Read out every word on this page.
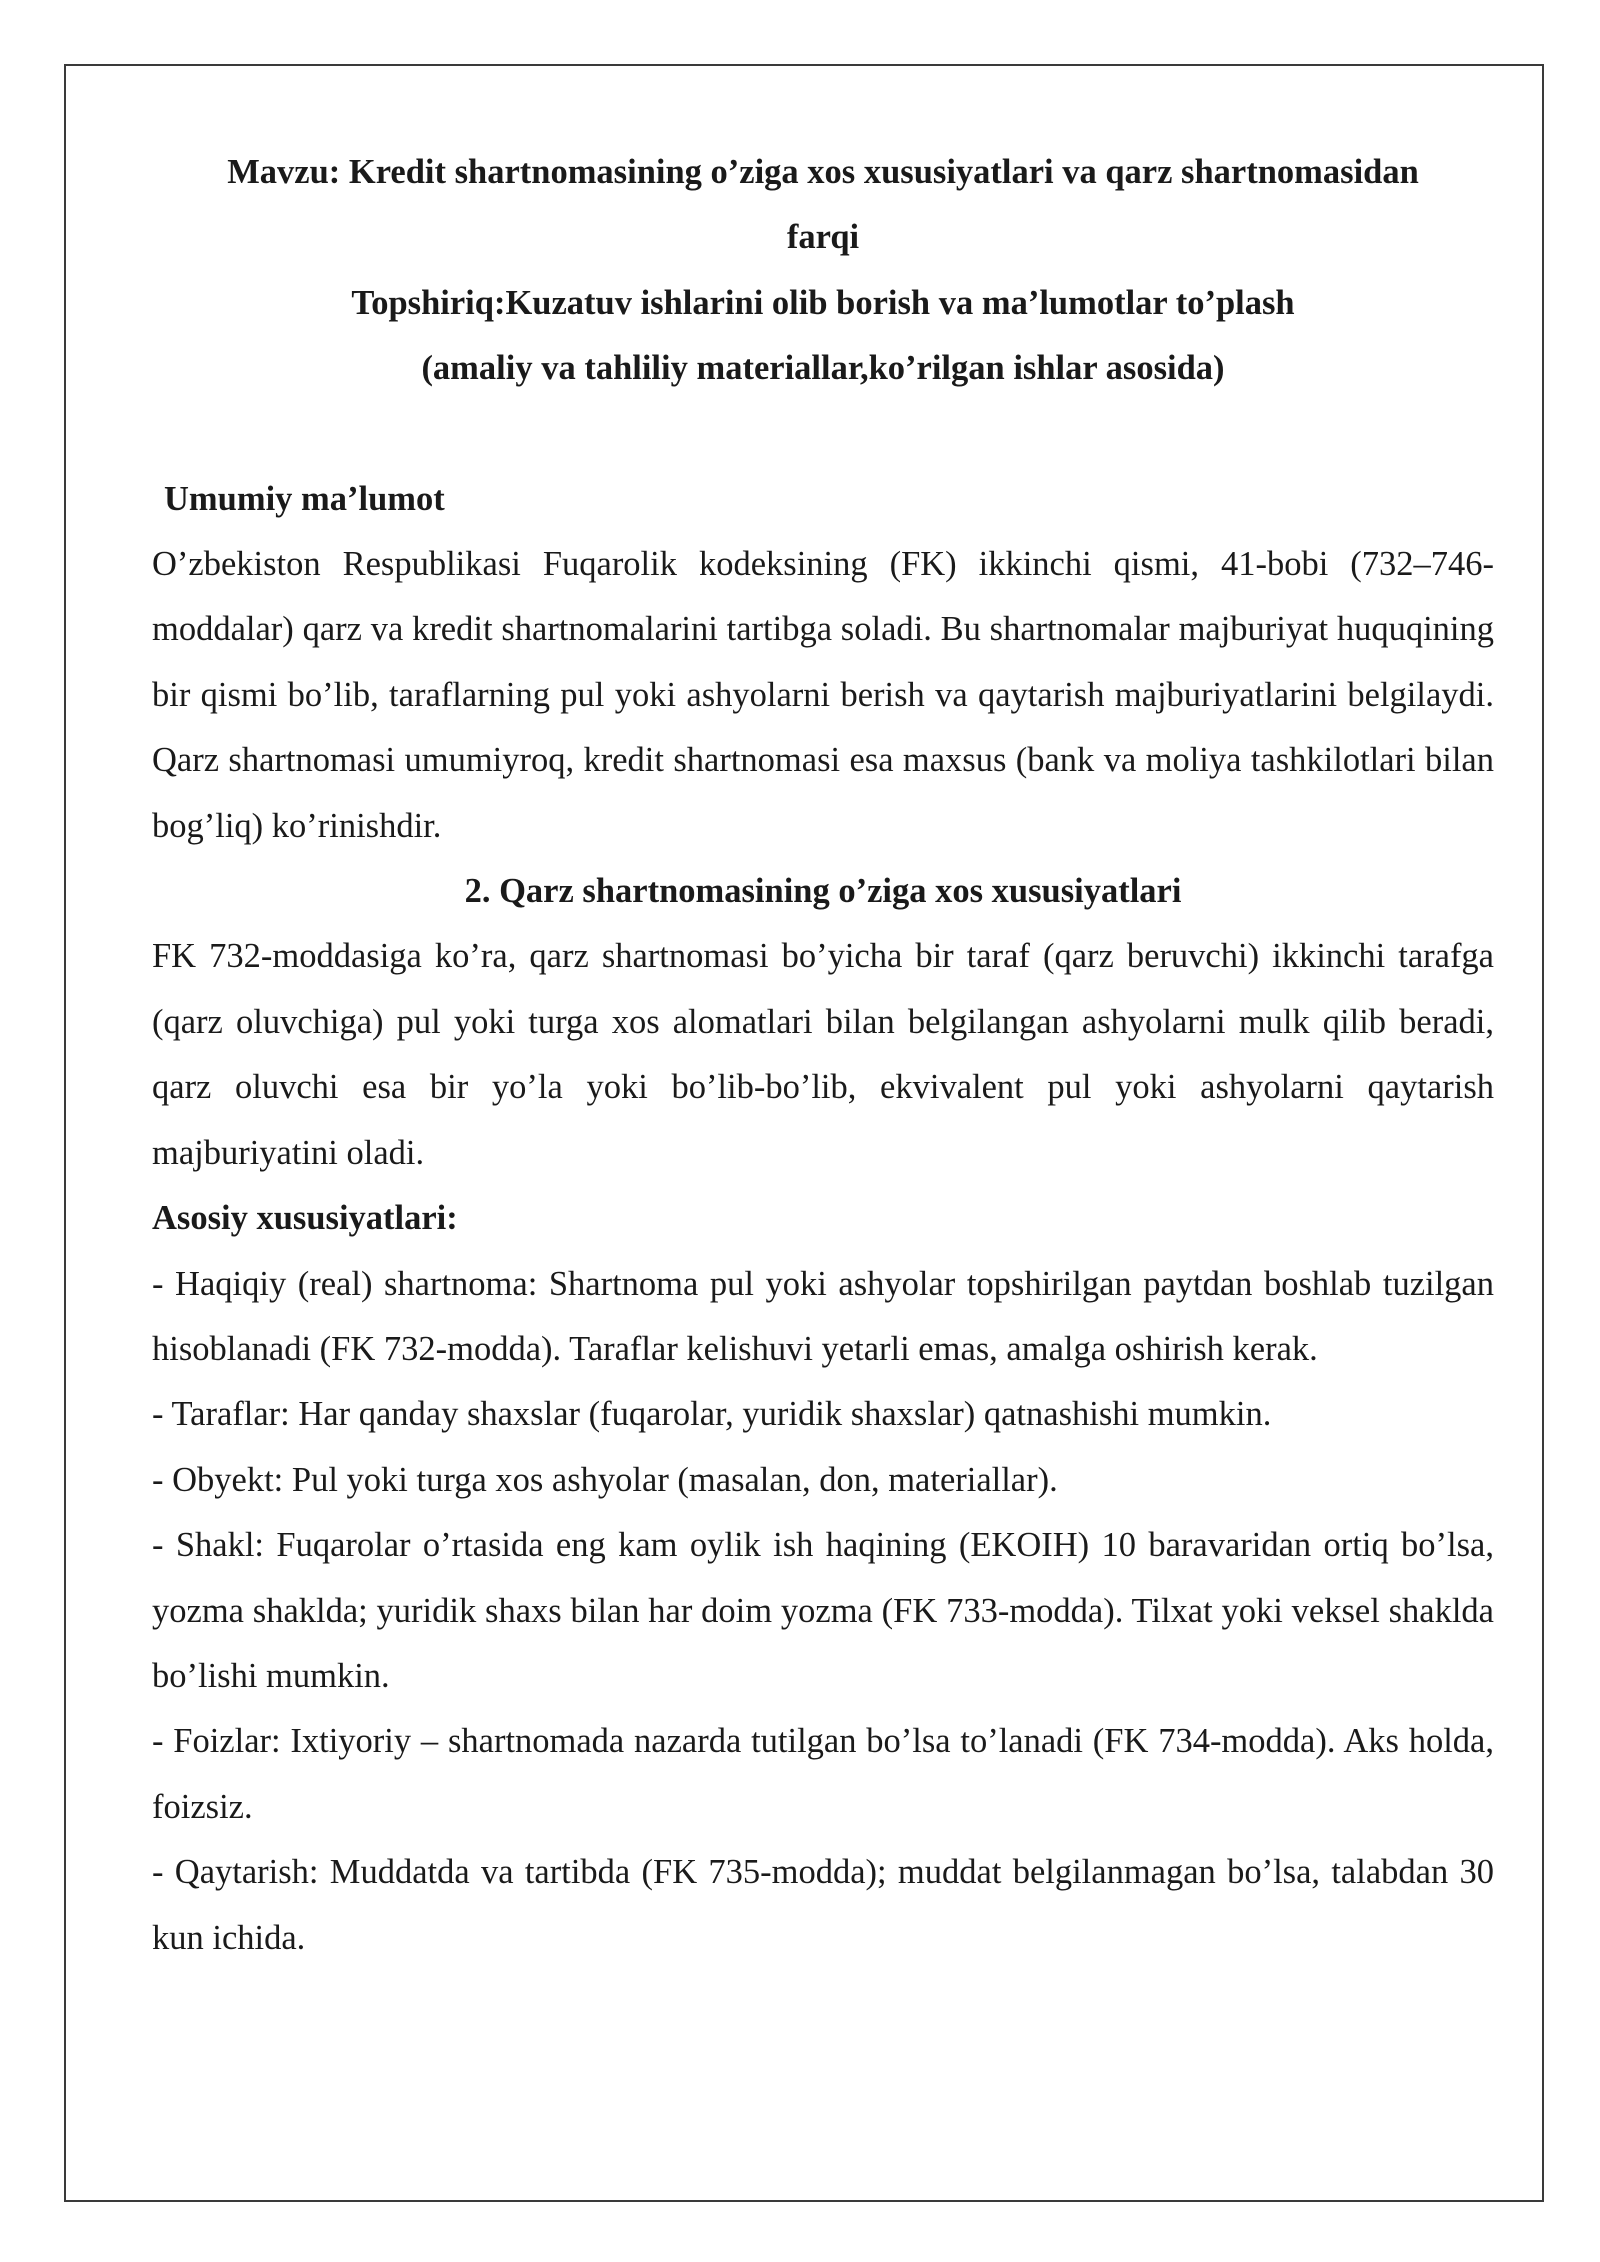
Mavzu: Kredit shartnomasining o’ziga xos xususiyatlari va qarz shartnomasidan
farqi
Topshiriq:Kuzatuv ishlarini olib borish va ma’lumotlar to’plash
(amaliy va tahliliy materiallar,ko’rilgan ishlar asosida)
Umumiy ma’lumot

O’zbekiston Respublikasi Fuqarolik kodeksining (FK) ikkinchi qismi, 41-bobi (732–746-moddalar) qarz va kredit shartnomalarini tartibga soladi. Bu shartnomalar majburiyat huquqining bir qismi bo’lib, taraflarning pul yoki ashyolarni berish va qaytarish majburiyatlarini belgilaydi. Qarz shartnomasi umumiyroq, kredit shartnomasi esa maxsus (bank va moliya tashkilotlari bilan bog’liq) ko’rinishdir.

2. Qarz shartnomasining o’ziga xos xususiyatlari

FK 732-moddasiga ko’ra, qarz shartnomasi bo’yicha bir taraf (qarz beruvchi) ikkinchi tarafga (qarz oluvchiga) pul yoki turga xos alomatlari bilan belgilangan ashyolarni mulk qilib beradi, qarz oluvchi esa bir yo’la yoki bo’lib-bo’lib, ekvivalent pul yoki ashyolarni qaytarish majburiyatini oladi.

Asosiy xususiyatlari:

- Haqiqiy (real) shartnoma: Shartnoma pul yoki ashyolar topshirilgan paytdan boshlab tuzilgan hisoblanadi (FK 732-modda). Taraflar kelishuvi yetarli emas, amalga oshirish kerak.

- Taraflar: Har qanday shaxslar (fuqarolar, yuridik shaxslar) qatnashishi mumkin.

- Obyekt: Pul yoki turga xos ashyolar (masalan, don, materiallar).

- Shakl: Fuqarolar o’rtasida eng kam oylik ish haqining (EKOIH) 10 baravaridan ortiq bo’lsa, yozma shaklda; yuridik shaxs bilan har doim yozma (FK 733-modda). Tilxat yoki veksel shaklda bo’lishi mumkin.

- Foizlar: Ixtiyoriy – shartnomada nazarda tutilgan bo’lsa to’lanadi (FK 734-modda). Aks holda, foizsiz.

- Qaytarish: Muddatda va tartibda (FK 735-modda); muddat belgilanmagan bo’lsa, talabdan 30 kun ichida.
